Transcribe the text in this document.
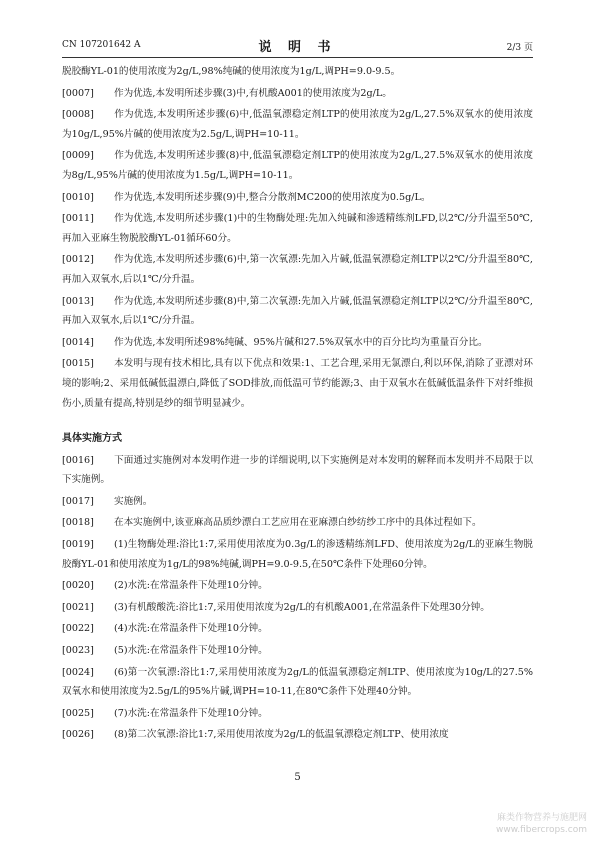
CN 107201642 A	说 明 书	2/3 页
脱胶酶YL-01的使用浓度为2g/L,98%纯碱的使用浓度为1g/L,调PH=9.0-9.5。
[0007] 作为优选,本发明所述步骤(3)中,有机酸A001的使用浓度为2g/L。
[0008] 作为优选,本发明所述步骤(6)中,低温氧漂稳定剂LTP的使用浓度为2g/L,27.5%双氧水的使用浓度为10g/L,95%片碱的使用浓度为2.5g/L,调PH=10-11。
[0009] 作为优选,本发明所述步骤(8)中,低温氧漂稳定剂LTP的使用浓度为2g/L,27.5%双氧水的使用浓度为8g/L,95%片碱的使用浓度为1.5g/L,调PH=10-11。
[0010] 作为优选,本发明所述步骤(9)中,整合分散剂MC200的使用浓度为0.5g/L。
[0011] 作为优选,本发明所述步骤(1)中的生物酶处理:先加入纯碱和渗透精练剂LFD,以2℃/分升温至50℃,再加入亚麻生物脱胶酶YL-01循环60分。
[0012] 作为优选,本发明所述步骤(6)中,第一次氧漂:先加入片碱,低温氧漂稳定剂LTP以2℃/分升温至80℃,再加入双氧水,后以1℃/分升温。
[0013] 作为优选,本发明所述步骤(8)中,第二次氧漂:先加入片碱,低温氧漂稳定剂LTP以2℃/分升温至80℃,再加入双氧水,后以1℃/分升温。
[0014] 作为优选,本发明所述98%纯碱、95%片碱和27.5%双氧水中的百分比均为重量百分比。
[0015] 本发明与现有技术相比,具有以下优点和效果:1、工艺合理,采用无氯漂白,利以环保,消除了亚漂对环境的影响;2、采用低碱低温漂白,降低了SOD排放,而低温可节约能源;3、由于双氧水在低碱低温条件下对纤维损伤小,质量有提高,特别是纱的细节明显减少。
具体实施方式
[0016] 下面通过实施例对本发明作进一步的详细说明,以下实施例是对本发明的解释而本发明并不局限于以下实施例。
[0017] 实施例。
[0018] 在本实施例中,该亚麻高品质纱漂白工艺应用在亚麻漂白纱纺纱工序中的具体过程如下。
[0019] (1)生物酶处理:浴比1:7,采用使用浓度为0.3g/L的渗透精练剂LFD、使用浓度为2g/L的亚麻生物脱胶酶YL-01和使用浓度为1g/L的98%纯碱,调PH=9.0-9.5,在50℃条件下处理60分钟。
[0020] (2)水洗:在常温条件下处理10分钟。
[0021] (3)有机酸酸洗:浴比1:7,采用使用浓度为2g/L的有机酸A001,在常温条件下处理30分钟。
[0022] (4)水洗:在常温条件下处理10分钟。
[0023] (5)水洗:在常温条件下处理10分钟。
[0024] (6)第一次氧漂:浴比1:7,采用使用浓度为2g/L的低温氧漂稳定剂LTP、使用浓度为10g/L的27.5%双氧水和使用浓度为2.5g/L的95%片碱,调PH=10-11,在80℃条件下处理40分钟。
[0025] (7)水洗:在常温条件下处理10分钟。
[0026] (8)第二次氧漂:浴比1:7,采用使用浓度为2g/L的低温氧漂稳定剂LTP、使用浓度
5
麻类作物营养与施肥网
www.fibercrops.com
